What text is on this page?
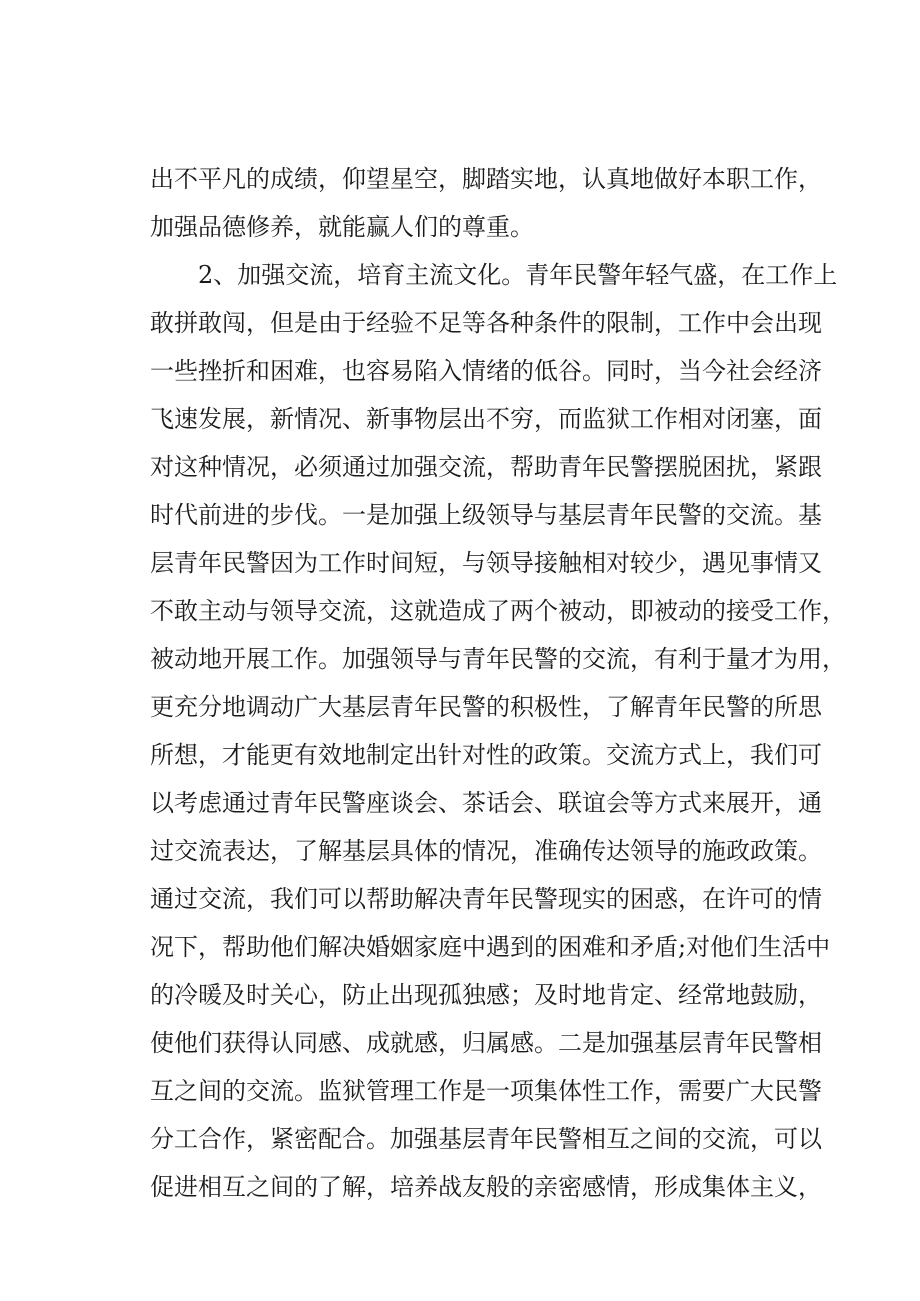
出不平凡的成绩，仰望星空，脚踏实地，认真地做好本职工作，
加强品德修养，就能赢人们的尊重。
2、加强交流，培育主流文化。青年民警年轻气盛，在工作上
敢拼敢闯，但是由于经验不足等各种条件的限制，工作中会出现
一些挫折和困难，也容易陷入情绪的低谷。同时，当今社会经济
飞速发展，新情况、新事物层出不穷，而监狱工作相对闭塞，面
对这种情况，必须通过加强交流，帮助青年民警摆脱困扰，紧跟
时代前进的步伐。一是加强上级领导与基层青年民警的交流。基
层青年民警因为工作时间短，与领导接触相对较少，遇见事情又
不敢主动与领导交流，这就造成了两个被动，即被动的接受工作，
被动地开展工作。加强领导与青年民警的交流，有利于量才为用，
更充分地调动广大基层青年民警的积极性，了解青年民警的所思
所想，才能更有效地制定出针对性的政策。交流方式上，我们可
以考虑通过青年民警座谈会、茶话会、联谊会等方式来展开，通
过交流表达，了解基层具体的情况，准确传达领导的施政政策。
通过交流，我们可以帮助解决青年民警现实的困惑，在许可的情
况下，帮助他们解决婚姻家庭中遇到的困难和矛盾;对他们生活中
的冷暖及时关心，防止出现孤独感；及时地肯定、经常地鼓励，
使他们获得认同感、成就感，归属感。二是加强基层青年民警相
互之间的交流。监狱管理工作是一项集体性工作，需要广大民警
分工合作，紧密配合。加强基层青年民警相互之间的交流，可以
促进相互之间的了解，培养战友般的亲密感情，形成集体主义，
